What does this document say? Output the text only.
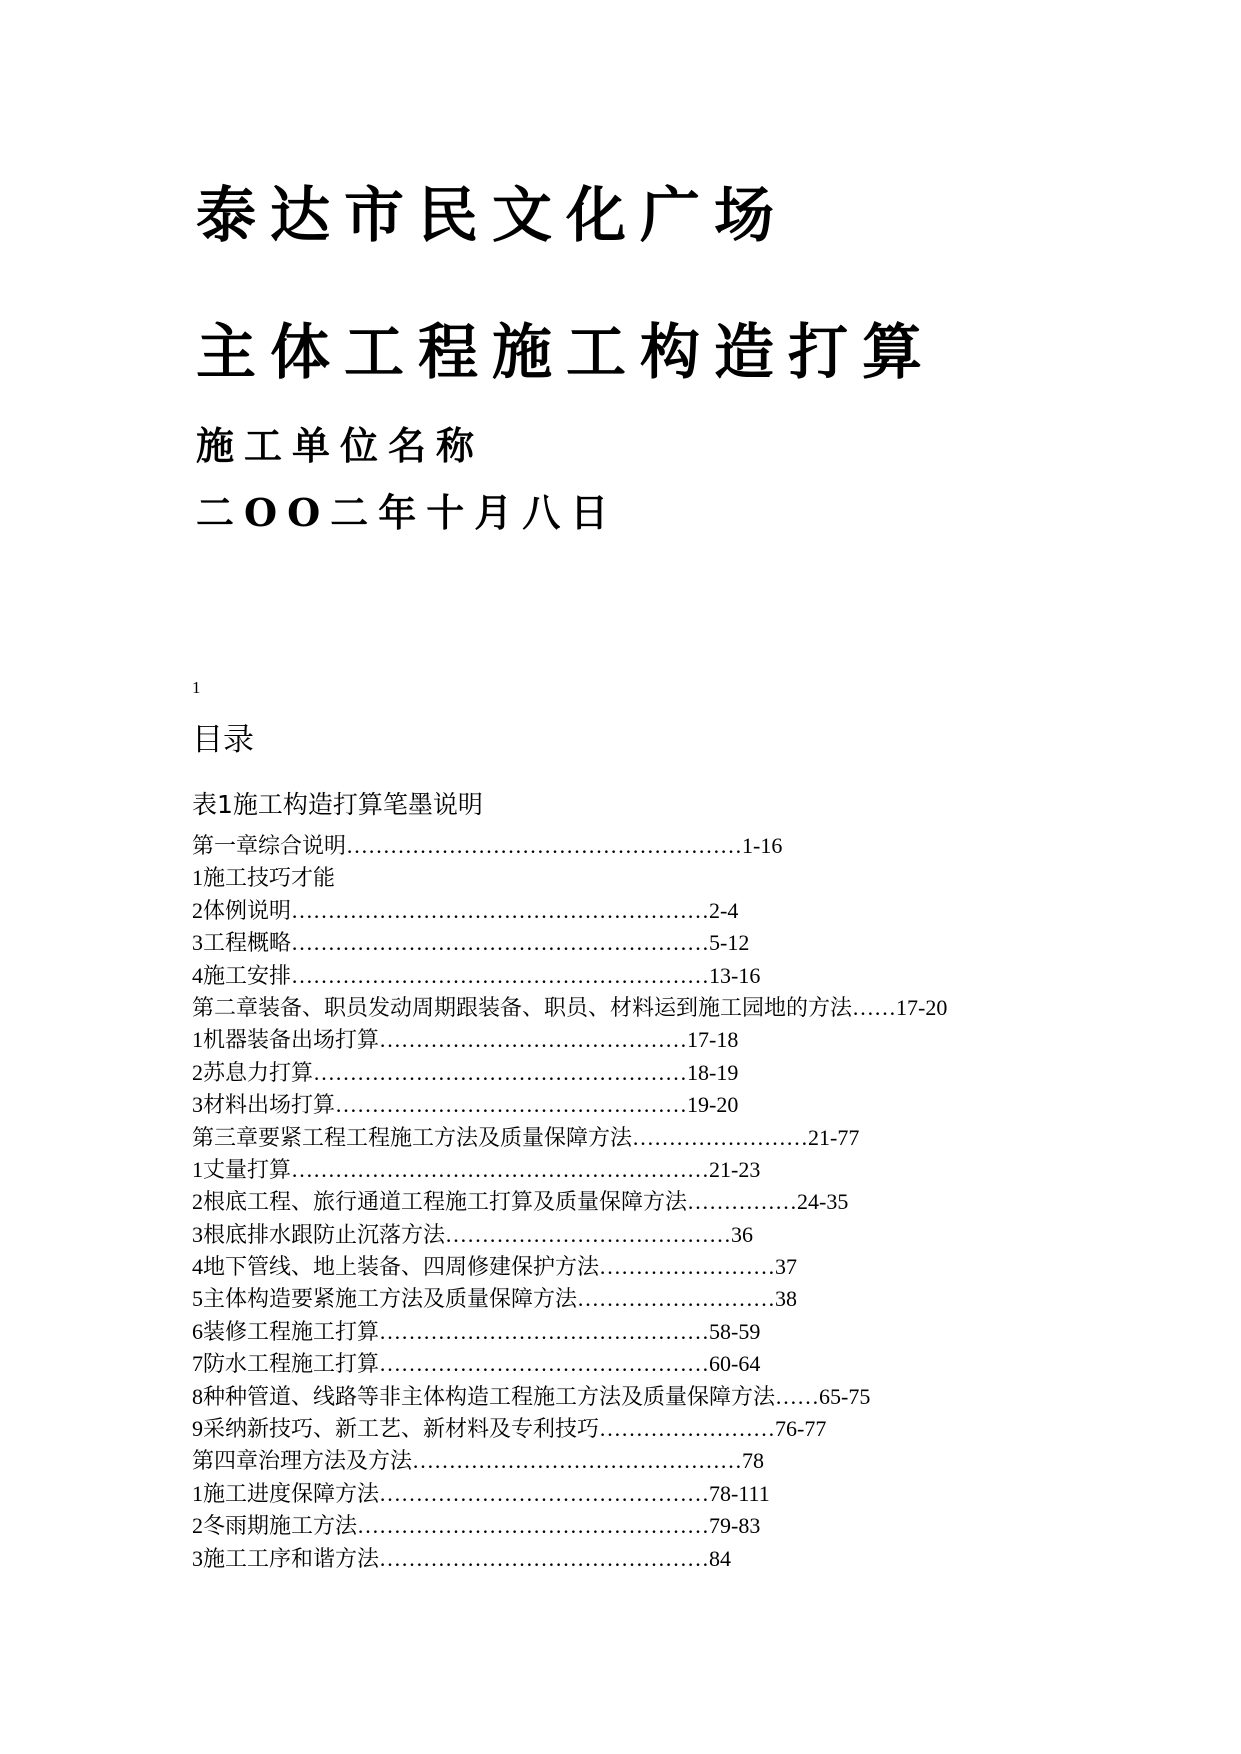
泰达市民文化广场
主体工程施工构造打算
施工单位名称
二OO二年十月八日
1
目录
表1施工构造打算笔墨说明
第一章综合说明………………………………………………1-16
1施工技巧才能
2体例说明…………………………………………………2-4
3工程概略…………………………………………………5-12
4施工安排…………………………………………………13-16
第二章装备、职员发动周期跟装备、职员、材料运到施工园地的方法……17-20
1机器装备出场打算……………………………………17-18
2苏息力打算……………………………………………18-19
3材料出场打算…………………………………………19-20
第三章要紧工程工程施工方法及质量保障方法……………………21-77
1丈量打算…………………………………………………21-23
2根底工程、旅行通道工程施工打算及质量保障方法……………24-35
3根底排水跟防止沉落方法…………………………………36
4地下管线、地上装备、四周修建保护方法……………………37
5主体构造要紧施工方法及质量保障方法………………………38
6装修工程施工打算………………………………………58-59
7防水工程施工打算………………………………………60-64
8种种管道、线路等非主体构造工程施工方法及质量保障方法……65-75
9采纳新技巧、新工艺、新材料及专利技巧……………………76-77
第四章治理方法及方法………………………………………78
1施工进度保障方法………………………………………78-111
2冬雨期施工方法…………………………………………79-83
3施工工序和谐方法………………………………………84
